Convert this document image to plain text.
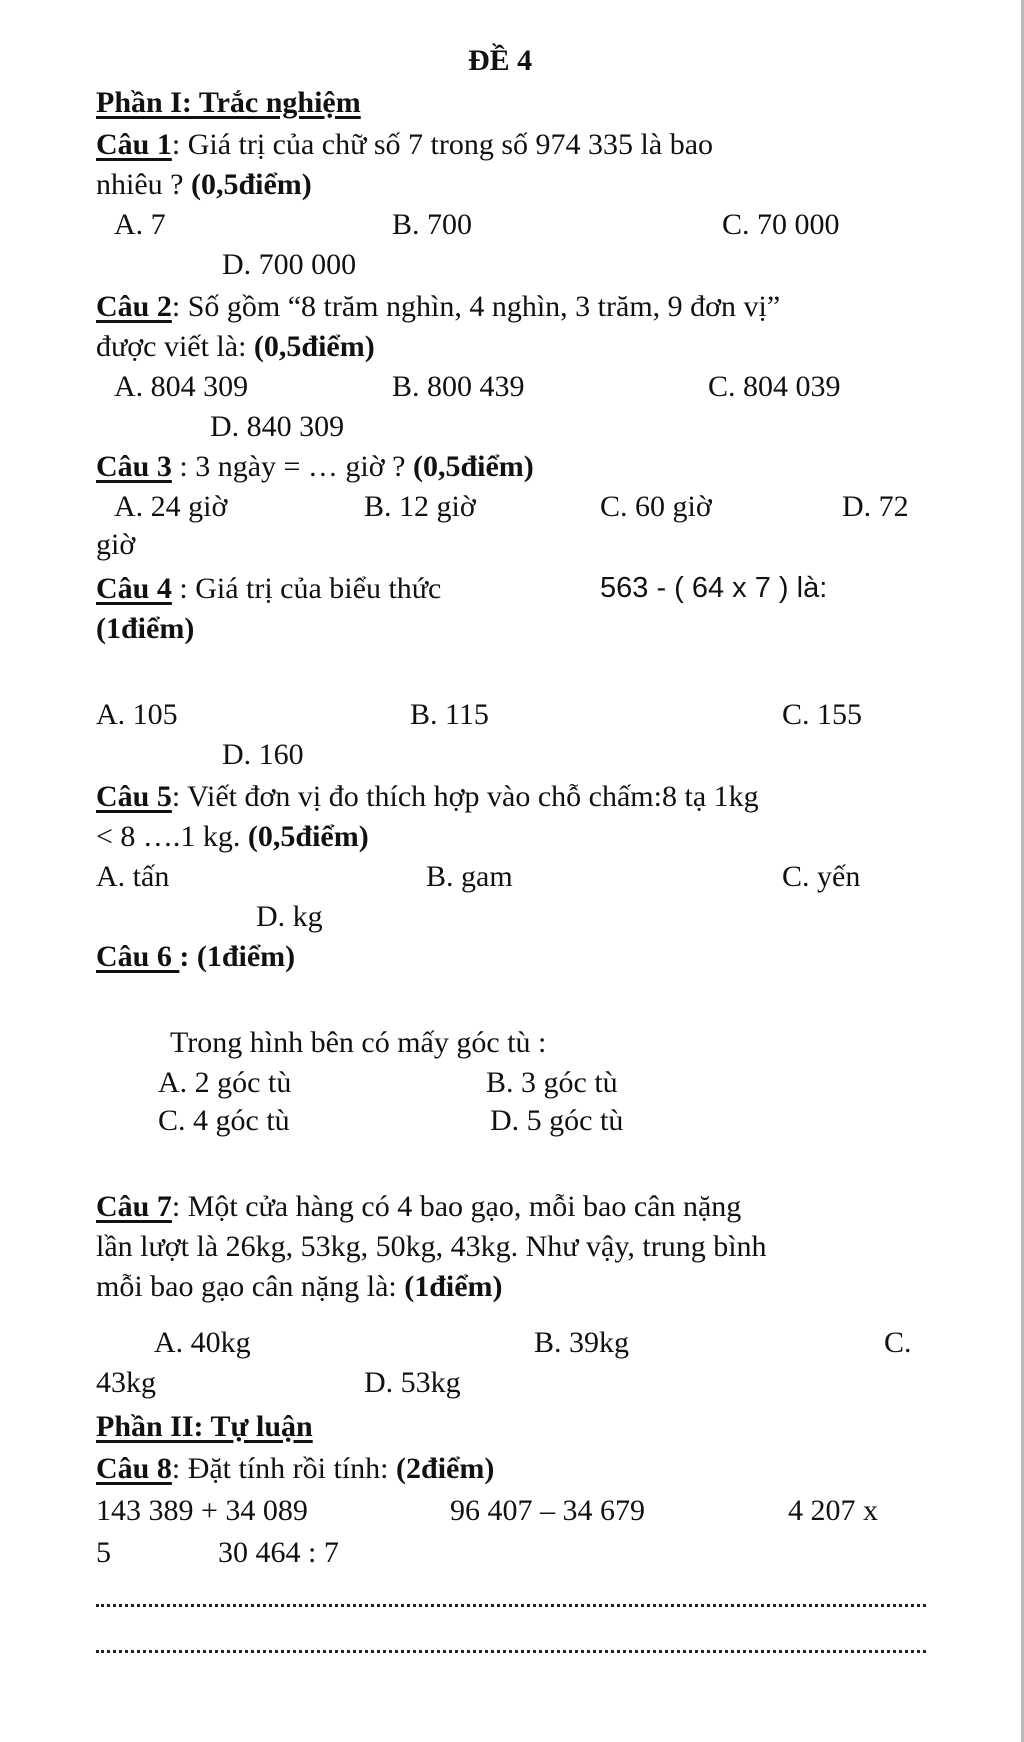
ĐỀ 4
Phần I: Trắc nghiệm
Câu 1: Giá trị của chữ số 7 trong số 974 335 là bao
nhiêu ? (0,5điểm)
A. 7	B. 700	C. 70 000
D. 700 000
Câu 2: Số gồm “8 trăm nghìn, 4 nghìn, 3 trăm, 9 đơn vị”
được viết là: (0,5điểm)
A. 804 309	B. 800 439	C. 804 039
D. 840 309
Câu 3 : 3 ngày = … giờ ? (0,5điểm)
A. 24 giờ	B. 12 giờ	C. 60 giờ	D. 72
giờ
Câu 4 : Giá trị của biểu thức	563 - ( 64 x 7 ) là:
(1điểm)
A. 105	B. 115	C. 155
D. 160
Câu 5: Viết đơn vị đo thích hợp vào chỗ chấm:8 tạ 1kg
< 8 ….1 kg. (0,5điểm)
A. tấn	B. gam	C. yến
D. kg
Câu 6 : (1điểm)
Trong hình bên có mấy góc tù :
A. 2 góc tù	B. 3 góc tù
C. 4 góc tù	D. 5 góc tù
Câu 7: Một cửa hàng có 4 bao gạo, mỗi bao cân nặng
lần lượt là 26kg, 53kg, 50kg, 43kg. Như vậy, trung bình
mỗi bao gạo cân nặng là: (1điểm)
A. 40kg	B. 39kg	C.
43kg	D. 53kg
Phần II: Tự luận
Câu 8: Đặt tính rồi tính: (2điểm)
143 389 + 34 089	96 407 – 34 679	4 207 x
5	30 464 : 7
